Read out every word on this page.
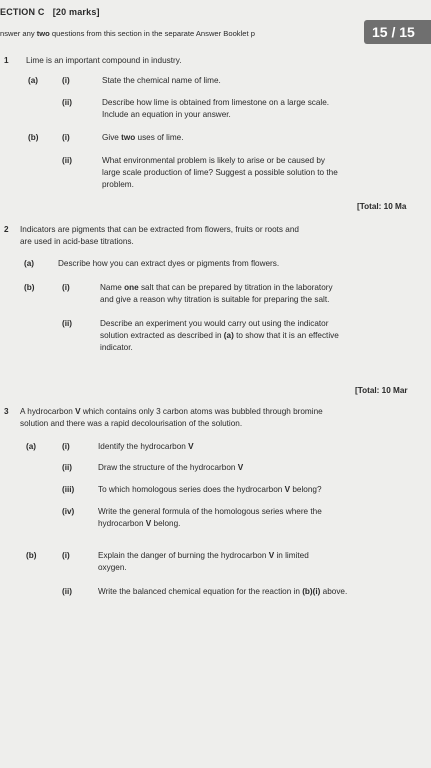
ECTION C [20 marks]
nswer any two questions from this section in the separate Answer Booklet p	15 / 15
1 Lime is an important compound in industry.
(a)	(i)	State the chemical name of lime.
(ii)	Describe how lime is obtained from limestone on a large scale.
Include an equation in your answer.
(b)	(i)	Give two uses of lime.
(ii)	What environmental problem is likely to arise or be caused by
large scale production of lime? Suggest a possible solution to the
problem.
[Total: 10 Ma
2 Indicators are pigments that can be extracted from flowers, fruits or roots and
are used in acid-base titrations.
(a)	Describe how you can extract dyes or pigments from flowers.
(b)	(i)	Name one salt that can be prepared by titration in the laboratory
and give a reason why titration is suitable for preparing the salt.
(ii)	Describe an experiment you would carry out using the indicator
solution extracted as described in (a) to show that it is an effective
indicator.
[Total: 10 Mar
3 A hydrocarbon V which contains only 3 carbon atoms was bubbled through bromine
solution and there was a rapid decolourisation of the solution.
(a)	(i)	Identify the hydrocarbon V
(ii)	Draw the structure of the hydrocarbon V
(iii)	To which homologous series does the hydrocarbon V belong?
(iv)	Write the general formula of the homologous series where the
hydrocarbon V belong.
(b)	(i)	Explain the danger of burning the hydrocarbon V in limited
oxygen.
(ii)	Write the balanced chemical equation for the reaction in (b)(i) above.
